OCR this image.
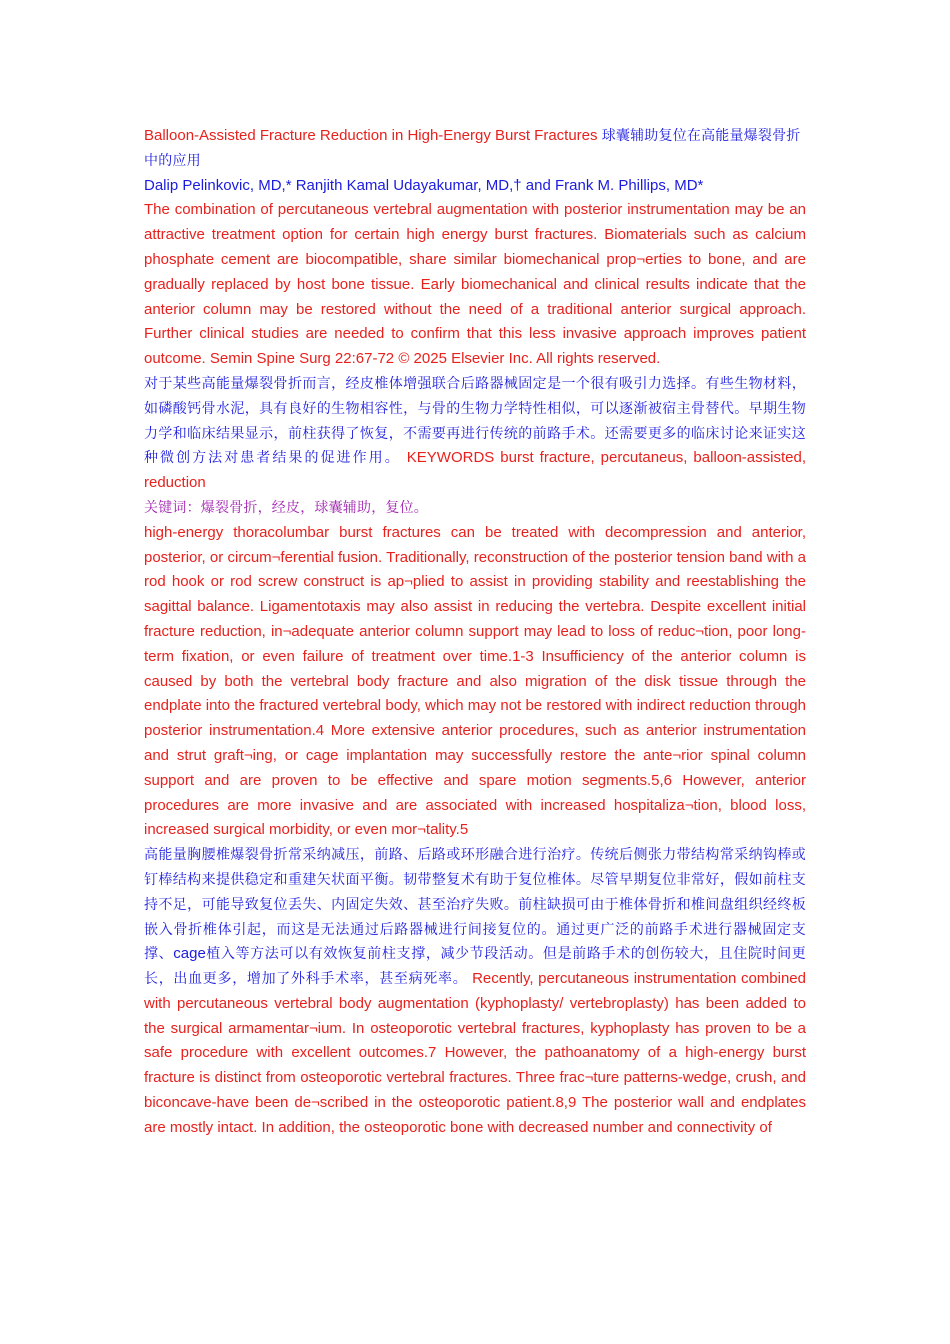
Balloon-Assisted Fracture Reduction in High-Energy Burst Fractures 球囊辅助复位在高能量爆裂骨折中的应用

Dalip Pelinkovic, MD,* Ranjith Kamal Udayakumar, MD,† and Frank M. Phillips, MD*

The combination of percutaneous vertebral augmentation with posterior instrumentation may be an attractive treatment option for certain high energy burst fractures. Biomaterials such as calcium phosphate cement are biocompatible, share similar biomechanical prop¬erties to bone, and are gradually replaced by host bone tissue. Early biomechanical and clinical results indicate that the anterior column may be restored without the need of a traditional anterior surgical approach. Further clinical studies are needed to confirm that this less invasive approach improves patient outcome. Semin Spine Surg 22:67-72 © 2025 Elsevier Inc. All rights reserved.

对于某些高能量爆裂骨折而言，经皮椎体增强联合后路器械固定是一个很有吸引力选择。有些生物材料，如磷酸钙骨水泥，具有良好的生物相容性，与骨的生物力学特性相似，可以逐渐被宿主骨替代。早期生物力学和临床结果显示，前柱获得了恢复，不需要再进行传统的前路手术。还需要更多的临床讨论来证实这种微创方法对患者结果的促进作用。 KEYWORDS burst fracture, percutaneus, balloon-assisted, reduction

关键词：爆裂骨折，经皮，球囊辅助，复位。

high-energy thoracolumbar burst fractures can be treated with decompression and anterior, posterior, or circum¬ferential fusion. Traditionally, reconstruction of the posterior tension band with a rod hook or rod screw construct is ap¬plied to assist in providing stability and reestablishing the sagittal balance. Ligamentotaxis may also assist in reducing the vertebra. Despite excellent initial fracture reduction, in¬adequate anterior column support may lead to loss of reduc¬tion, poor long-term fixation, or even failure of treatment over time.1-3 Insufficiency of the anterior column is caused by both the vertebral body fracture and also migration of the disk tissue through the endplate into the fractured vertebral body, which may not be restored with indirect reduction through posterior instrumentation.4 More extensive anterior procedures, such as anterior instrumentation and strut graft¬ing, or cage implantation may successfully restore the ante¬rior spinal column support and are proven to be effective and spare motion segments.5,6 However, anterior procedures are more invasive and are associated with increased hospitaliza¬tion, blood loss, increased surgical morbidity, or even mor¬tality.5

高能量胸腰椎爆裂骨折常采纳减压，前路、后路或环形融合进行治疗。传统后侧张力带结构常采纳钩棒或钉棒结构来提供稳定和重建矢状面平衡。韧带整复术有助于复位椎体。尽管早期复位非常好，假如前柱支持不足，可能导致复位丢失、内固定失效、甚至治疗失败。前柱缺损可由于椎体骨折和椎间盘组织经终板嵌入骨折椎体引起，而这是无法通过后路器械进行间接复位的。通过更广泛的前路手术进行器械固定支撑、cage植入等方法可以有效恢复前柱支撑，减少节段活动。但是前路手术的创伤较大，且住院时间更长，出血更多，增加了外科手术率，甚至病死率。 Recently, percutaneous instrumentation combined with percutaneous vertebral body augmentation (kyphoplasty/ vertebroplasty) has been added to the surgical armamentar¬ium. In osteoporotic vertebral fractures, kyphoplasty has proven to be a safe procedure with excellent outcomes.7 However, the pathoanatomy of a high-energy burst fracture is distinct from osteoporotic vertebral fractures. Three frac¬ture patterns-wedge, crush, and biconcave-have been de¬scribed in the osteoporotic patient.8,9 The posterior wall and endplates are mostly intact. In addition, the osteoporotic bone with decreased number and connectivity of
